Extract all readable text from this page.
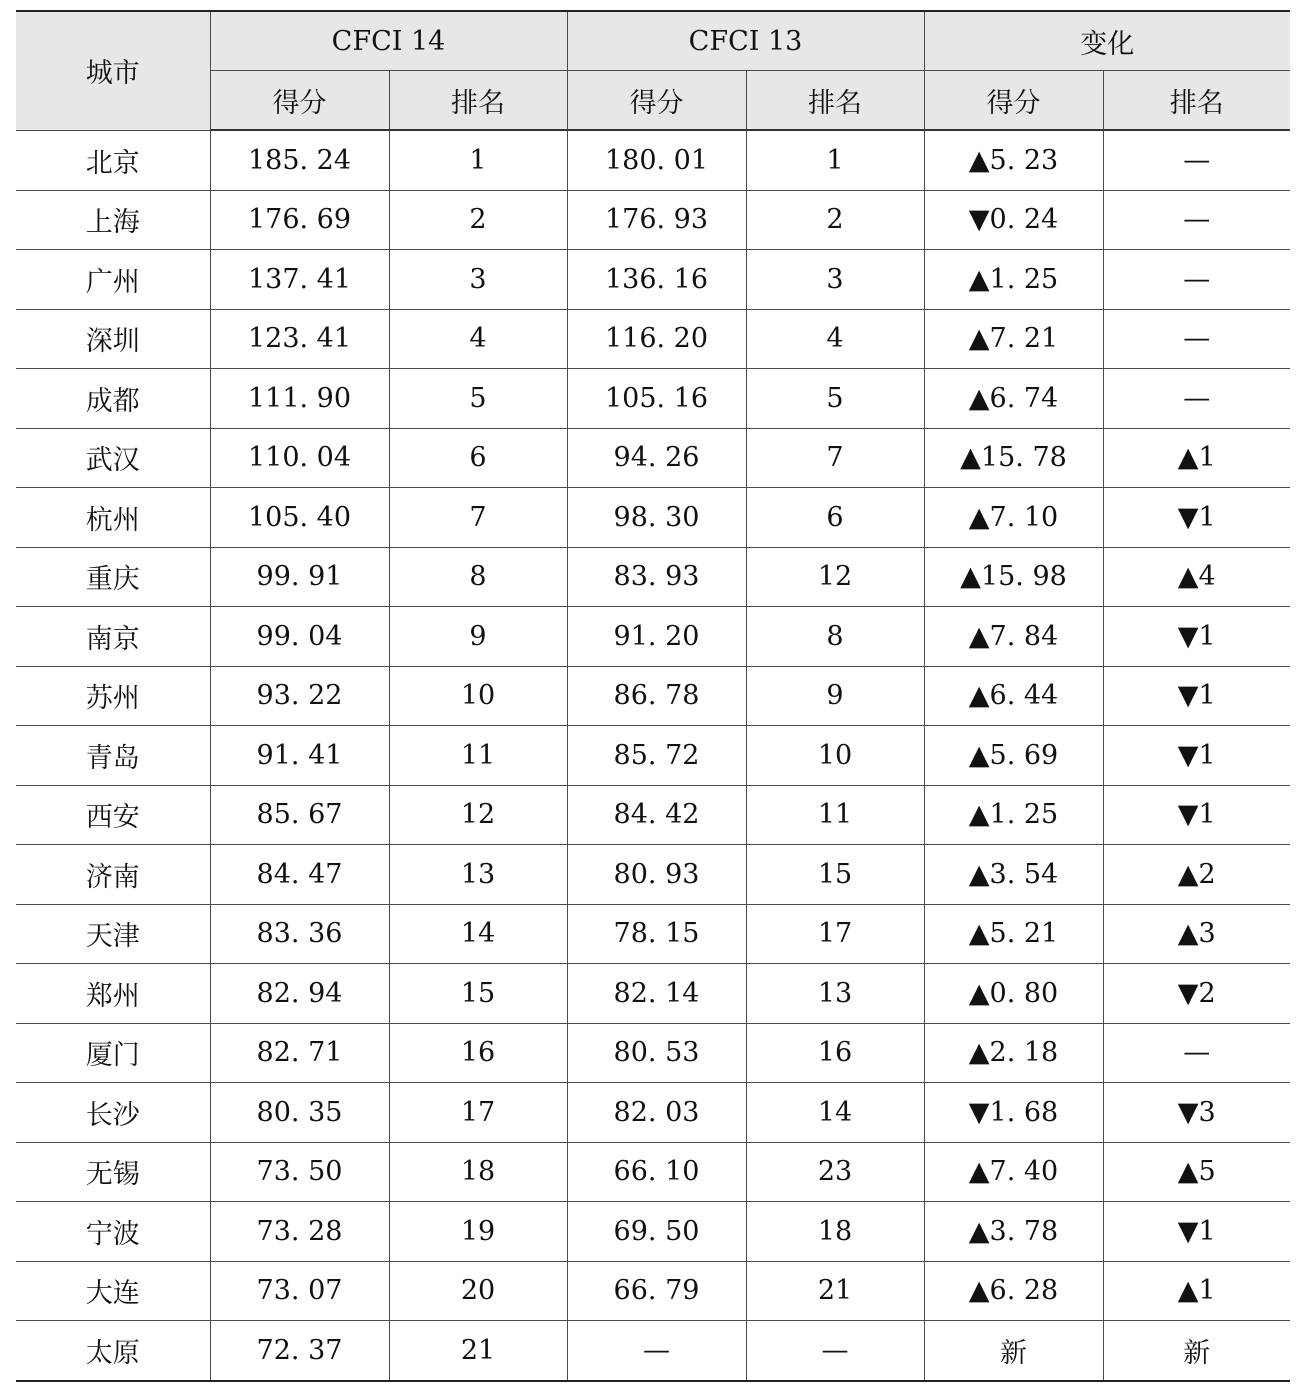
城市	CFCI 14		CFCI 13		变化	
	得分	排名	得分	排名	得分	排名
北京	185. 24	1	180. 01	1	▲5. 23	—
上海	176. 69	2	176. 93	2	▼0. 24	—
广州	137. 41	3	136. 16	3	▲1. 25	—
深圳	123. 41	4	116. 20	4	▲7. 21	—
成都	111. 90	5	105. 16	5	▲6. 74	—
武汉	110. 04	6	94. 26	7	▲15. 78	▲1
杭州	105. 40	7	98. 30	6	▲7. 10	▼1
重庆	99. 91	8	83. 93	12	▲15. 98	▲4
南京	99. 04	9	91. 20	8	▲7. 84	▼1
苏州	93. 22	10	86. 78	9	▲6. 44	▼1
青岛	91. 41	11	85. 72	10	▲5. 69	▼1
西安	85. 67	12	84. 42	11	▲1. 25	▼1
济南	84. 47	13	80. 93	15	▲3. 54	▲2
天津	83. 36	14	78. 15	17	▲5. 21	▲3
郑州	82. 94	15	82. 14	13	▲0. 80	▼2
厦门	82. 71	16	80. 53	16	▲2. 18	—
长沙	80. 35	17	82. 03	14	▼1. 68	▼3
无锡	73. 50	18	66. 10	23	▲7. 40	▲5
宁波	73. 28	19	69. 50	18	▲3. 78	▼1
大连	73. 07	20	66. 79	21	▲6. 28	▲1
太原	72. 37	21	—	—	新	新
